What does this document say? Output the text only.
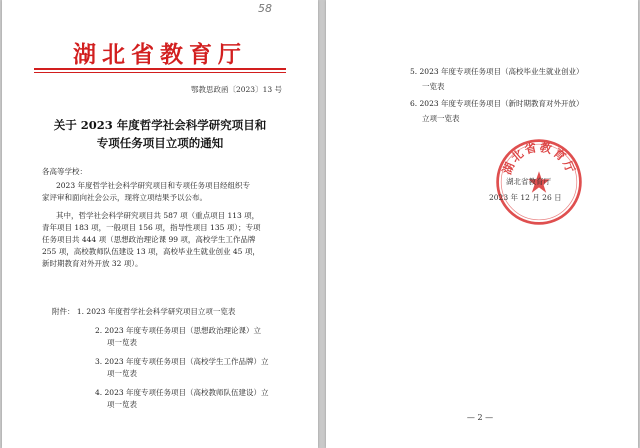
58
湖北省教育厅
鄂教思政函〔2023〕13 号
关于 2023 年度哲学社会科学研究项目和
专项任务项目立项的通知
各高等学校：
2023 年度哲学社会科学研究项目和专项任务项目经组织专
家评审和面向社会公示，现将立项结果予以公布。
其中，哲学社会科学研究项目共 587 项（重点项目 113 项，
青年项目 183 项，一般项目 156 项，指导性项目 135 项）；专项
任务项目共 444 项（思想政治理论课 99 项，高校学生工作品牌
255 项，高校教师队伍建设 13 项，高校毕业生就业创业 45 项，
新时期教育对外开放 32 项）。
附件： 1. 2023 年度哲学社会科学研究项目立项一览表
2. 2023 年度专项任务项目（思想政治理论课）立
项一览表
3. 2023 年度专项任务项目（高校学生工作品牌）立
项一览表
4. 2023 年度专项任务项目（高校教师队伍建设）立
项一览表
5. 2023 年度专项任务项目（高校毕业生就业创业）
一览表
6. 2023 年度专项任务项目（新时期教育对外开放）
立项一览表
湖北省教育厅
湖北省教育厅
2023 年 12 月 26 日
— 2 —
